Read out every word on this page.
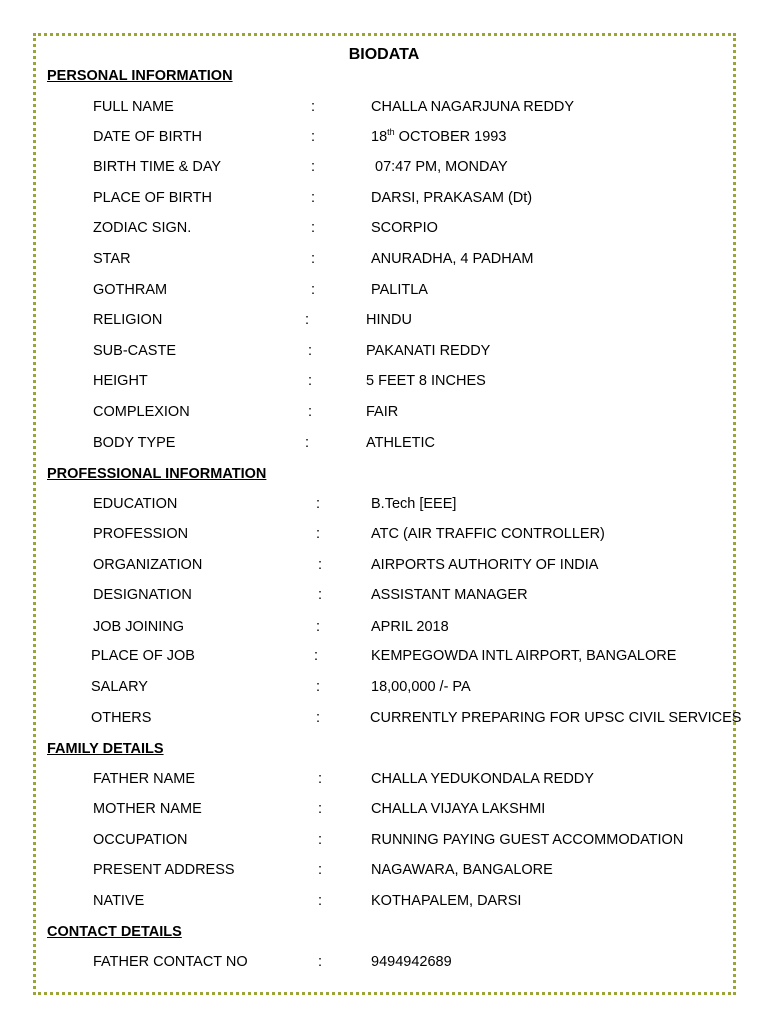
BIODATA
PERSONAL INFORMATION
FULL NAME	:	CHALLA NAGARJUNA REDDY
DATE OF BIRTH	:	18th OCTOBER 1993
BIRTH TIME & DAY	:	07:47 PM, MONDAY
PLACE OF BIRTH	:	DARSI, PRAKASAM (Dt)
ZODIAC SIGN.	:	SCORPIO
STAR	:	ANURADHA, 4 PADHAM
GOTHRAM	:	PALITLA
RELIGION	:	HINDU
SUB-CASTE	:	PAKANATI REDDY
HEIGHT	:	5 FEET 8 INCHES
COMPLEXION	:	FAIR
BODY TYPE	:	ATHLETIC
PROFESSIONAL INFORMATION
EDUCATION	:	B.Tech [EEE]
PROFESSION	:	ATC (AIR TRAFFIC CONTROLLER)
ORGANIZATION	:	AIRPORTS AUTHORITY OF INDIA
DESIGNATION	:	ASSISTANT MANAGER
JOB JOINING	:	APRIL 2018
PLACE OF JOB	:	KEMPEGOWDA INTL AIRPORT, BANGALORE
SALARY	:	18,00,000 /- PA
OTHERS	:	CURRENTLY PREPARING FOR UPSC CIVIL SERVICES
FAMILY DETAILS
FATHER NAME	:	CHALLA YEDUKONDALA REDDY
MOTHER NAME	:	CHALLA VIJAYA LAKSHMI
OCCUPATION	:	RUNNING PAYING GUEST ACCOMMODATION
PRESENT ADDRESS	:	NAGAWARA, BANGALORE
NATIVE	:	KOTHAPALEM, DARSI
CONTACT DETAILS
FATHER CONTACT NO	:	9494942689
